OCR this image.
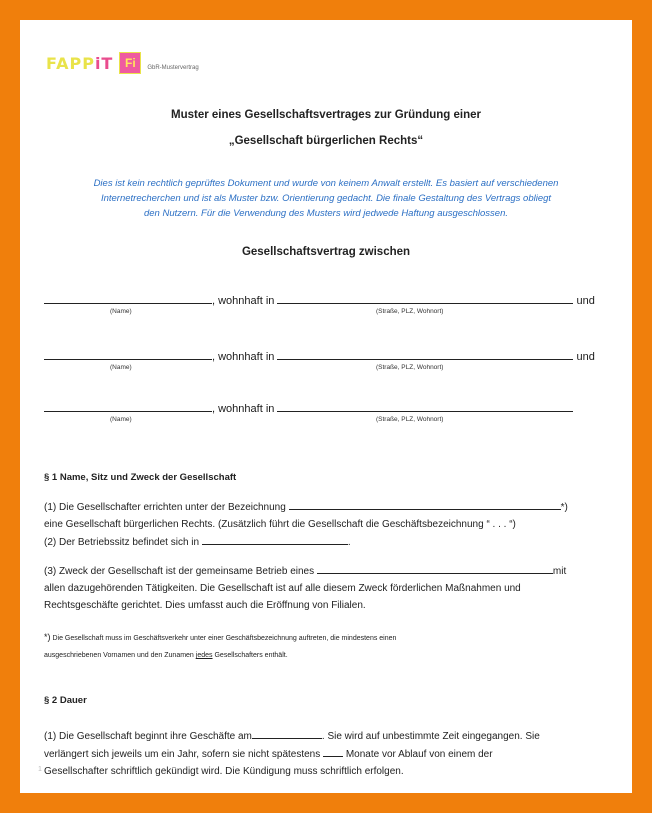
FAPPiT Fi	GbR-Mustervertrag
Muster eines Gesellschaftsvertrages zur Gründung einer
„Gesellschaft bürgerlichen Rechts“
Dies ist kein rechtlich geprüftes Dokument und wurde von keinem Anwalt erstellt. Es basiert auf verschiedenen
Internetrecherchen und ist als Muster bzw. Orientierung gedacht. Die finale Gestaltung des Vertrags obliegt
den Nutzern. Für die Verwendung des Musters wird jedwede Haftung ausgeschlossen.
Gesellschaftsvertrag zwischen
, wohnhaft in	und
(Name)	(Straße, PLZ, Wohnort)
, wohnhaft in	und
(Name)	(Straße, PLZ, Wohnort)
, wohnhaft in
(Name)	(Straße, PLZ, Wohnort)
§ 1 Name, Sitz und Zweck der Gesellschaft

(1) Die Gesellschafter errichten unter der Bezeichnung	*)

eine Gesellschaft bürgerlichen Rechts. (Zusätzlich führt die Gesellschaft die Geschäftsbezeichnung “ . . . “)

(2) Der Betriebssitz befindet sich in	.

(3) Zweck der Gesellschaft ist der gemeinsame Betrieb eines	mit

allen dazugehörenden Tätigkeiten. Die Gesellschaft ist auf alle diesem Zweck förderlichen Maßnahmen und

Rechtsgeschäfte gerichtet. Dies umfasst auch die Eröffnung von Filialen.

*) Die Gesellschaft muss im Geschäftsverkehr unter einer Geschäftsbezeichnung auftreten, die mindestens einen

ausgeschriebenen Vornamen und den Zunamen jedes Gesellschafters enthält.

§ 2 Dauer

(1) Die Gesellschaft beginnt ihre Geschäfte am	. Sie wird auf unbestimmte Zeit eingegangen. Sie

verlängert sich jeweils um ein Jahr, sofern sie nicht spätestens	Monate vor Ablauf von einem der

Gesellschafter schriftlich gekündigt wird. Die Kündigung muss schriftlich erfolgen.

1
